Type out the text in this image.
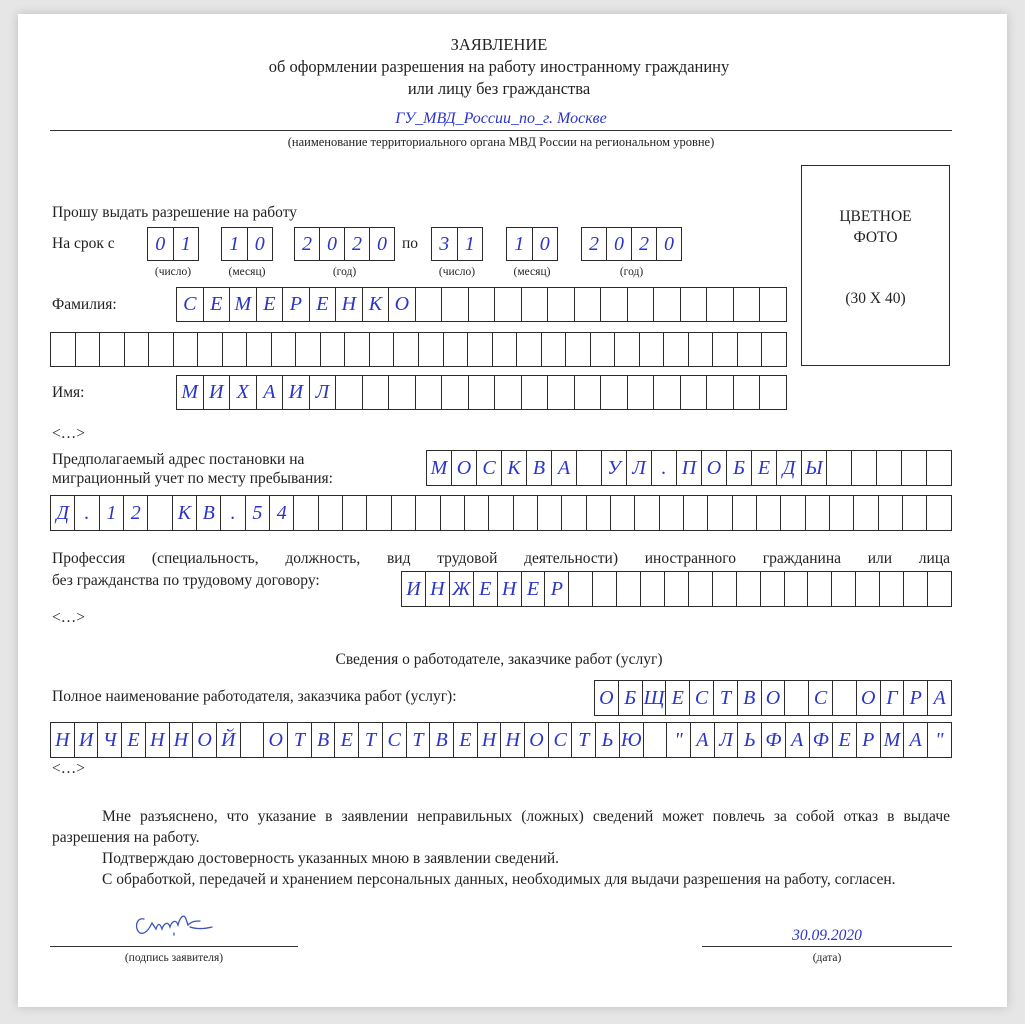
ЗАЯВЛЕНИЕ
об оформлении разрешения на работу иностранному гражданину
или лицу без гражданства
ГУ_МВД_России_по_г. Москве
(наименование территориального органа МВД России на региональном уровне)
ЦВЕТНОЕ
ФОТО
(30 Х 40)
Прошу выдать разрешение на работу
На срок с	0 1	1 0	2 0 2 0 по	3 1	1 0	2 0 2 0
(число)	(месяц)	(год)	(число)	(месяц)	(год)
Фамилия:	С Е М Е Р Е Н К О
Имя:	М И Х А И Л
<…>
Предполагаемый адрес постановки на
миграционный учет по месту пребывания:	М О С К В А	У Л . П О Б Е Д Ы
Д . 1 2	К В . 5 4
Профессия (специальность, должность, вид трудовой деятельности) иностранного гражданина или лица
без гражданства по трудовому договору:	И Н Ж Е Н Е Р
<…>
Сведения о работодателе, заказчике работ (услуг)
Полное наименование работодателя, заказчика работ (услуг):	О Б Щ Е С Т В О С О Г Р А
Н И Ч Е Н Н О Й О Т В Е Т С Т В Е Н Н О С Т Ь Ю	" А Л Ь Ф А Ф Е Р М А "
<…>
Мне разъяснено, что указание в заявлении неправильных (ложных) сведений может повлечь за собой отказ в выдаче разрешения на работу.
Подтверждаю достоверность указанных мною в заявлении сведений.
С обработкой, передачей и хранением персональных данных, необходимых для выдачи разрешения на работу, согласен.
(подпись заявителя)
30.09.2020
(дата)
